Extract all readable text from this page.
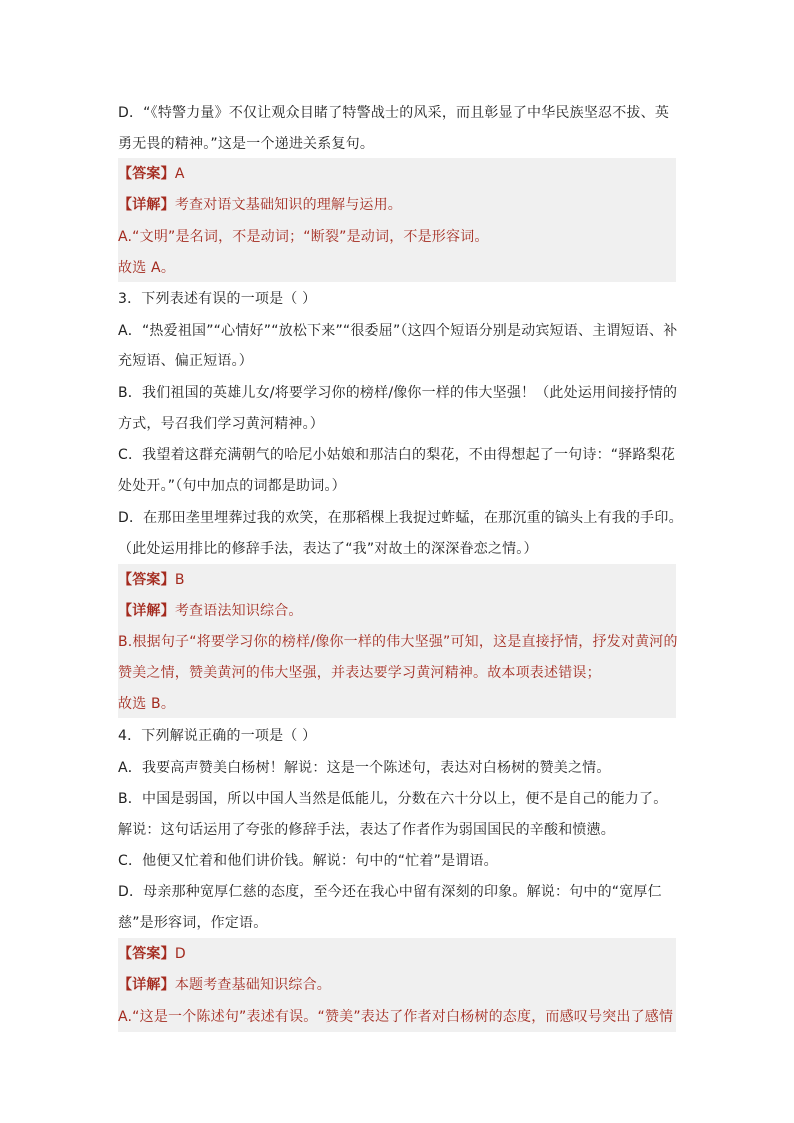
D．“《特警力量》不仅让观众目睹了特警战士的风采，而且彰显了中华民族坚忍不拔、英
勇无畏的精神。”这是一个递进关系复句。
【答案】A
【详解】考查对语文基础知识的理解与运用。
A.“文明”是名词，不是动词；“断裂”是动词，不是形容词。
故选 A。
3．下列表述有误的一项是（ ）
A．“热爱祖国”“心情好”“放松下来”“很委屈”（这四个短语分别是动宾短语、主谓短语、补
充短语、偏正短语。）
B．我们祖国的英雄儿女/将要学习你的榜样/像你一样的伟大坚强！（此处运用间接抒情的
方式，号召我们学习黄河精神。）
C．我望着这群充满朝气的哈尼小姑娘和那洁白的梨花，不由得想起了一句诗：“驿路梨花
处处开。”（句中加点的词都是助词。）
D．在那田垄里埋葬过我的欢笑，在那稻棵上我捉过蚱蜢，在那沉重的镐头上有我的手印。
（此处运用排比的修辞手法，表达了“我”对故土的深深眷恋之情。）
【答案】B
【详解】考查语法知识综合。
B.根据句子“将要学习你的榜样/像你一样的伟大坚强”可知，这是直接抒情，抒发对黄河的
赞美之情，赞美黄河的伟大坚强，并表达要学习黄河精神。故本项表述错误；
故选 B。
4．下列解说正确的一项是（ ）
A．我要高声赞美白杨树！解说：这是一个陈述句，表达对白杨树的赞美之情。
B．中国是弱国，所以中国人当然是低能儿，分数在六十分以上，便不是自己的能力了。
解说：这句话运用了夸张的修辞手法，表达了作者作为弱国国民的辛酸和愤懑。
C．他便又忙着和他们讲价钱。解说：句中的“忙着”是谓语。
D．母亲那种宽厚仁慈的态度，至今还在我心中留有深刻的印象。解说：句中的“宽厚仁
慈”是形容词，作定语。
【答案】D
【详解】本题考查基础知识综合。
A.“这是一个陈述句”表述有误。“赞美”表达了作者对白杨树的态度，而感叹号突出了感情
